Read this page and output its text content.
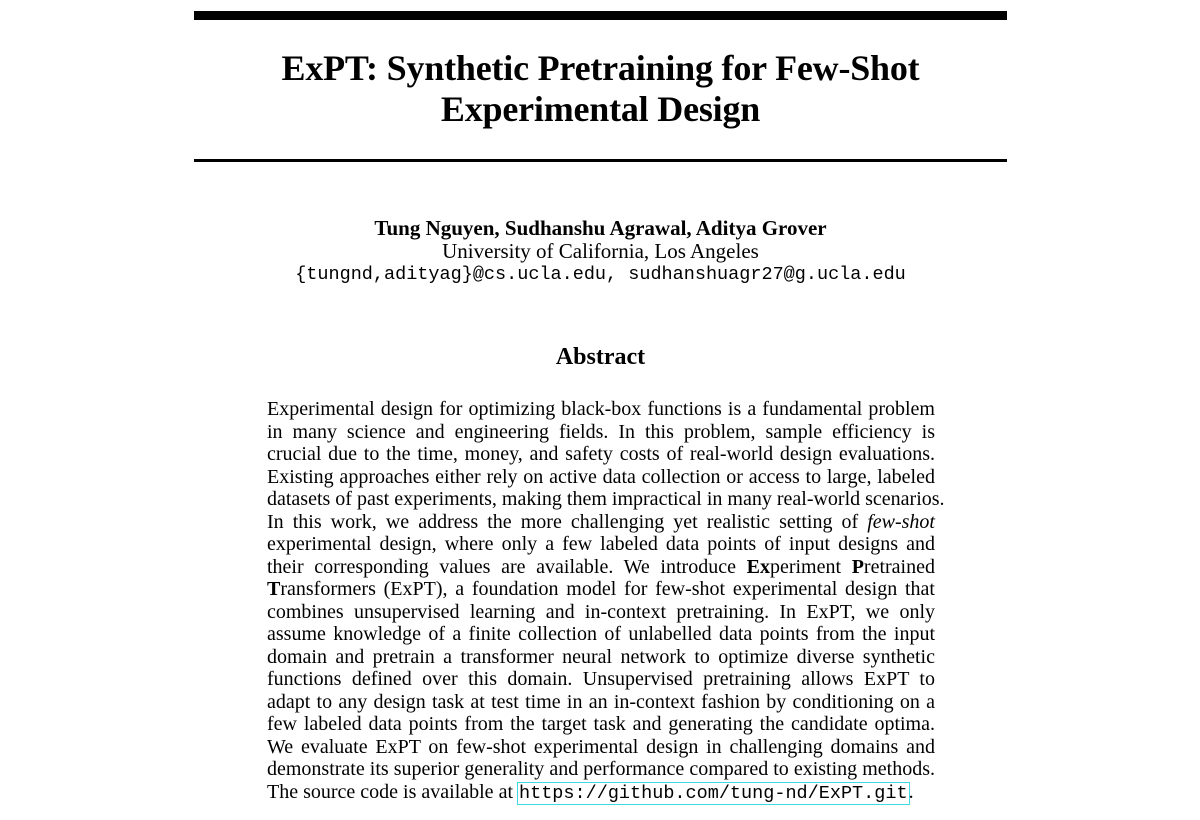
ExPT: Synthetic Pretraining for Few-Shot
Experimental Design
Tung Nguyen, Sudhanshu Agrawal, Aditya Grover
University of California, Los Angeles
{tungnd,adityag}@cs.ucla.edu, sudhanshuagr27@g.ucla.edu
Abstract
Experimental design for optimizing black-box functions is a fundamental problem
in many science and engineering fields. In this problem, sample efficiency is
crucial due to the time, money, and safety costs of real-world design evaluations.
Existing approaches either rely on active data collection or access to large, labeled
datasets of past experiments, making them impractical in many real-world scenarios.
In this work, we address the more challenging yet realistic setting of few-shot
experimental design, where only a few labeled data points of input designs and
their corresponding values are available. We introduce Experiment Pretrained
Transformers (ExPT), a foundation model for few-shot experimental design that
combines unsupervised learning and in-context pretraining. In ExPT, we only
assume knowledge of a finite collection of unlabelled data points from the input
domain and pretrain a transformer neural network to optimize diverse synthetic
functions defined over this domain. Unsupervised pretraining allows ExPT to
adapt to any design task at test time in an in-context fashion by conditioning on a
few labeled data points from the target task and generating the candidate optima.
We evaluate ExPT on few-shot experimental design in challenging domains and
demonstrate its superior generality and performance compared to existing methods.
The source code is available at https://github.com/tung-nd/ExPT.git.
